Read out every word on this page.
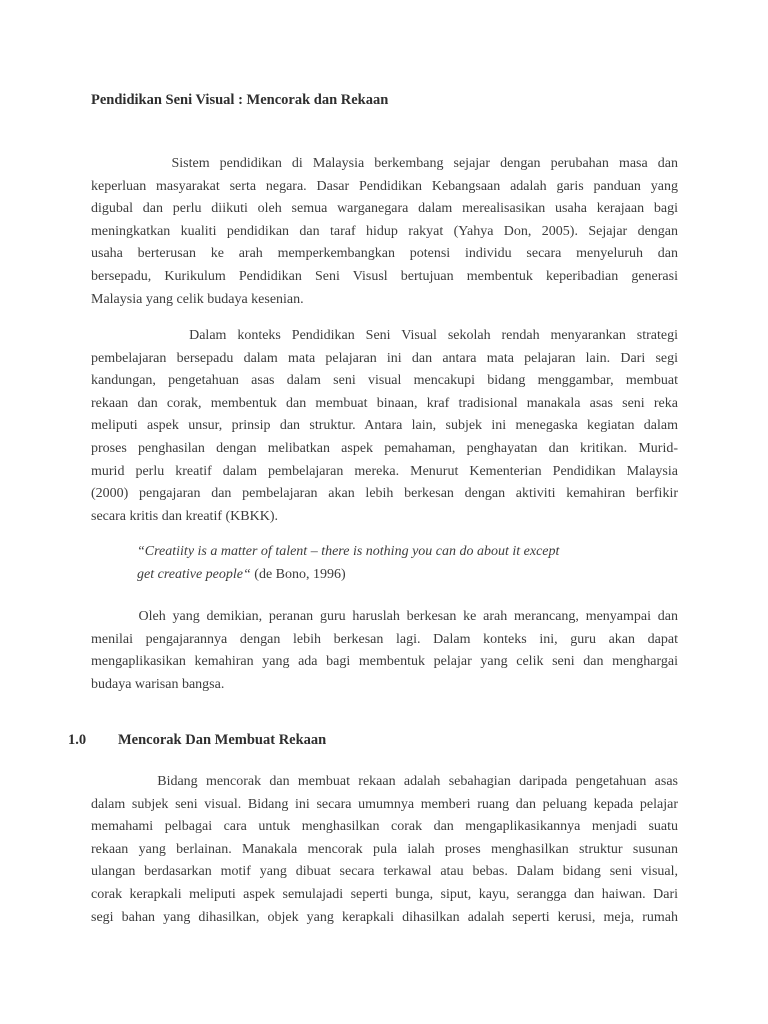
Pendidikan Seni Visual : Mencorak dan Rekaan
Sistem pendidikan di Malaysia berkembang sejajar dengan perubahan masa dan
keperluan masyarakat serta negara. Dasar Pendidikan Kebangsaan adalah garis panduan yang
digubal dan perlu diikuti oleh semua warganegara dalam merealisasikan usaha kerajaan bagi
meningkatkan kualiti pendidikan dan taraf hidup rakyat (Yahya Don, 2005). Sejajar dengan
usaha berterusan ke arah memperkembangkan potensi individu secara menyeluruh dan
bersepadu, Kurikulum Pendidikan Seni Visusl bertujuan membentuk keperibadian generasi
Malaysia yang celik budaya kesenian.
Dalam konteks Pendidikan Seni Visual sekolah rendah menyarankan strategi
pembelajaran bersepadu dalam mata pelajaran ini dan antara mata pelajaran lain. Dari segi
kandungan, pengetahuan asas dalam seni visual mencakupi bidang menggambar, membuat
rekaan dan corak, membentuk dan membuat binaan, kraf tradisional manakala asas seni reka
meliputi aspek unsur, prinsip dan struktur. Antara lain, subjek ini menegaska kegiatan dalam
proses penghasilan dengan melibatkan aspek pemahaman, penghayatan dan kritikan. Murid-
murid perlu kreatif dalam pembelajaran mereka. Menurut Kementerian Pendidikan Malaysia
(2000) pengajaran dan pembelajaran akan lebih berkesan dengan aktiviti kemahiran berfikir
secara kritis dan kreatif (KBKK).
“Creatiity is a matter of talent – there is nothing you can do about it except
get creative people“ (de Bono, 1996)
Oleh yang demikian, peranan guru haruslah berkesan ke arah merancang, menyampai dan
menilai pengajarannya dengan lebih berkesan lagi. Dalam konteks ini, guru akan dapat
mengaplikasikan kemahiran yang ada bagi membentuk pelajar yang celik seni dan menghargai
budaya warisan bangsa.
1.0 Mencorak Dan Membuat Rekaan
Bidang mencorak dan membuat rekaan adalah sebahagian daripada pengetahuan asas
dalam subjek seni visual. Bidang ini secara umumnya memberi ruang dan peluang kepada pelajar
memahami pelbagai cara untuk menghasilkan corak dan mengaplikasikannya menjadi suatu
rekaan yang berlainan. Manakala mencorak pula ialah proses menghasilkan struktur susunan
ulangan berdasarkan motif yang dibuat secara terkawal atau bebas. Dalam bidang seni visual,
corak kerapkali meliputi aspek semulajadi seperti bunga, siput, kayu, serangga dan haiwan. Dari
segi bahan yang dihasilkan, objek yang kerapkali dihasilkan adalah seperti kerusi, meja, rumah
